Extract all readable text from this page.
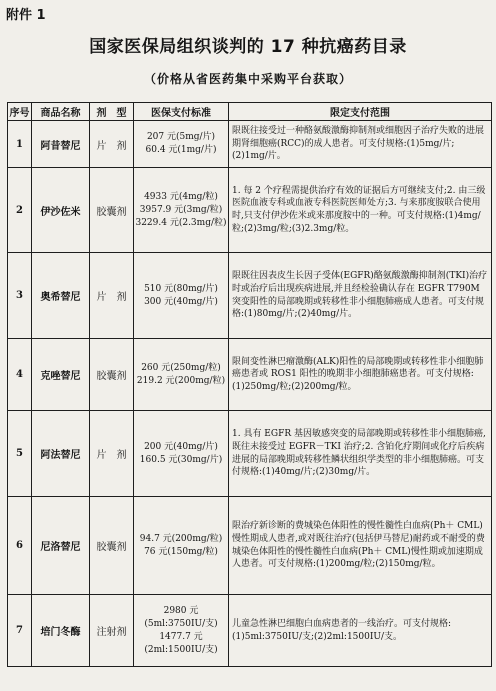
附件 1
国家医保局组织谈判的 17 种抗癌药目录
（价格从省医药集中采购平台获取）
序号	商品名称	剂　型	医保支付标准	限定支付范围
1	阿昔替尼	片　剂	207 元(5mg/片)
60.4 元(1mg/片)	限既往接受过一种酪氨酸激酶抑制剂或细胞因子治疗失败的进展期肾细胞癌(RCC)的成人患者。可支付规格:(1)5mg/片;(2)1mg/片。
2	伊沙佐米	胶囊剂	4933 元(4mg/粒)
3957.9 元(3mg/粒)
3229.4 元(2.3mg/粒)	1. 每 2 个疗程需提供治疗有效的证据后方可继续支付;2. 由三级医院血液专科或血液专科医院医师处方;3. 与来那度胺联合使用时,只支付伊沙佐米或来那度胺中的一种。可支付规格:(1)4mg/粒;(2)3mg/粒;(3)2.3mg/粒。
3	奥希替尼	片　剂	510 元(80mg/片)
300 元(40mg/片)	限既往因表皮生长因子受体(EGFR)酪氨酸激酶抑制剂(TKI)治疗时或治疗后出现疾病进展,并且经检验确认存在 EGFR T790M 突变阳性的局部晚期或转移性非小细胞肺癌成人患者。可支付规格:(1)80mg/片;(2)40mg/片。
4	克唑替尼	胶囊剂	260 元(250mg/粒)
219.2 元(200mg/粒)	限间变性淋巴瘤激酶(ALK)阳性的局部晚期或转移性非小细胞肺癌患者或 ROS1 阳性的晚期非小细胞肺癌患者。可支付规格:(1)250mg/粒;(2)200mg/粒。
5	阿法替尼	片　剂	200 元(40mg/片)
160.5 元(30mg/片)	1. 具有 EGFR 基因敏感突变的局部晚期或转移性非小细胞肺癌,既往未接受过 EGFR－TKI 治疗;2. 含铂化疗期间或化疗后疾病进展的局部晚期或转移性鳞状组织学类型的非小细胞肺癌。可支付规格:(1)40mg/片;(2)30mg/片。
6	尼洛替尼	胶囊剂	94.7 元(200mg/粒)
76 元(150mg/粒)	限治疗新诊断的费城染色体阳性的慢性髓性白血病(Ph＋ CML)慢性期成人患者,或对既往治疗(包括伊马替尼)耐药或不耐受的费城染色体阳性的慢性髓性白血病(Ph＋ CML)慢性期或加速期成人患者。可支付规格:(1)200mg/粒;(2)150mg/粒。
7	培门冬酶	注射剂	2980 元
(5ml:3750IU/支)
1477.7 元
(2ml:1500IU/支)	儿童急性淋巴细胞白血病患者的一线治疗。可支付规格:(1)5ml:3750IU/支;(2)2ml:1500IU/支。
